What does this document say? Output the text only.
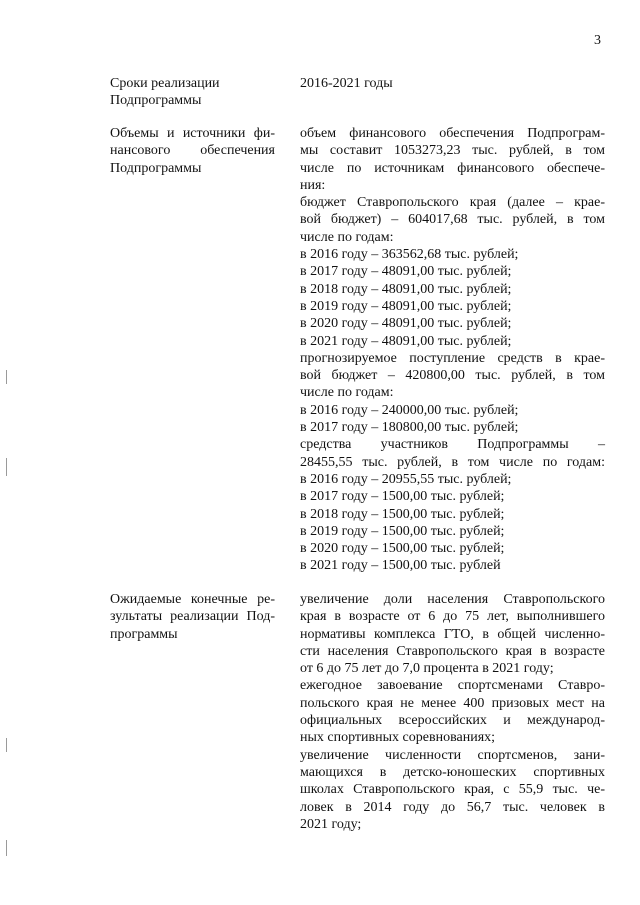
3
Сроки реализации
Подпрограммы
2016-2021 годы
Объемы и источники фи-
нансового обеспечения
Подпрограммы
объем финансового обеспечения Подпрограм-
мы составит 1053273,23 тыс. рублей, в том
числе по источникам финансового обеспече-
ния:
бюджет Ставропольского края (далее – крае-
вой бюджет) – 604017,68 тыс. рублей, в том
числе по годам:
в 2016 году – 363562,68 тыс. рублей;
в 2017 году – 48091,00 тыс. рублей;
в 2018 году – 48091,00 тыс. рублей;
в 2019 году – 48091,00 тыс. рублей;
в 2020 году – 48091,00 тыс. рублей;
в 2021 году – 48091,00 тыс. рублей;
прогнозируемое поступление средств в крае-
вой бюджет – 420800,00 тыс. рублей, в том
числе по годам:
в 2016 году – 240000,00 тыс. рублей;
в 2017 году – 180800,00 тыс. рублей;
средства участников Подпрограммы –
28455,55 тыс. рублей, в том числе по годам:
в 2016 году – 20955,55 тыс. рублей;
в 2017 году – 1500,00 тыс. рублей;
в 2018 году – 1500,00 тыс. рублей;
в 2019 году – 1500,00 тыс. рублей;
в 2020 году – 1500,00 тыс. рублей;
в 2021 году – 1500,00 тыс. рублей
Ожидаемые конечные ре-
зультаты реализации Под-
программы
увеличение доли населения Ставропольского
края в возрасте от 6 до 75 лет, выполнившего
нормативы комплекса ГТО, в общей численно-
сти населения Ставропольского края в возрасте
от 6 до 75 лет до 7,0 процента в 2021 году;
ежегодное завоевание спортсменами Ставро-
польского края не менее 400 призовых мест на
официальных всероссийских и международ-
ных спортивных соревнованиях;
увеличение численности спортсменов, зани-
мающихся в детско-юношеских спортивных
школах Ставропольского края, с 55,9 тыс. че-
ловек в 2014 году до 56,7 тыс. человек в
2021 году;
